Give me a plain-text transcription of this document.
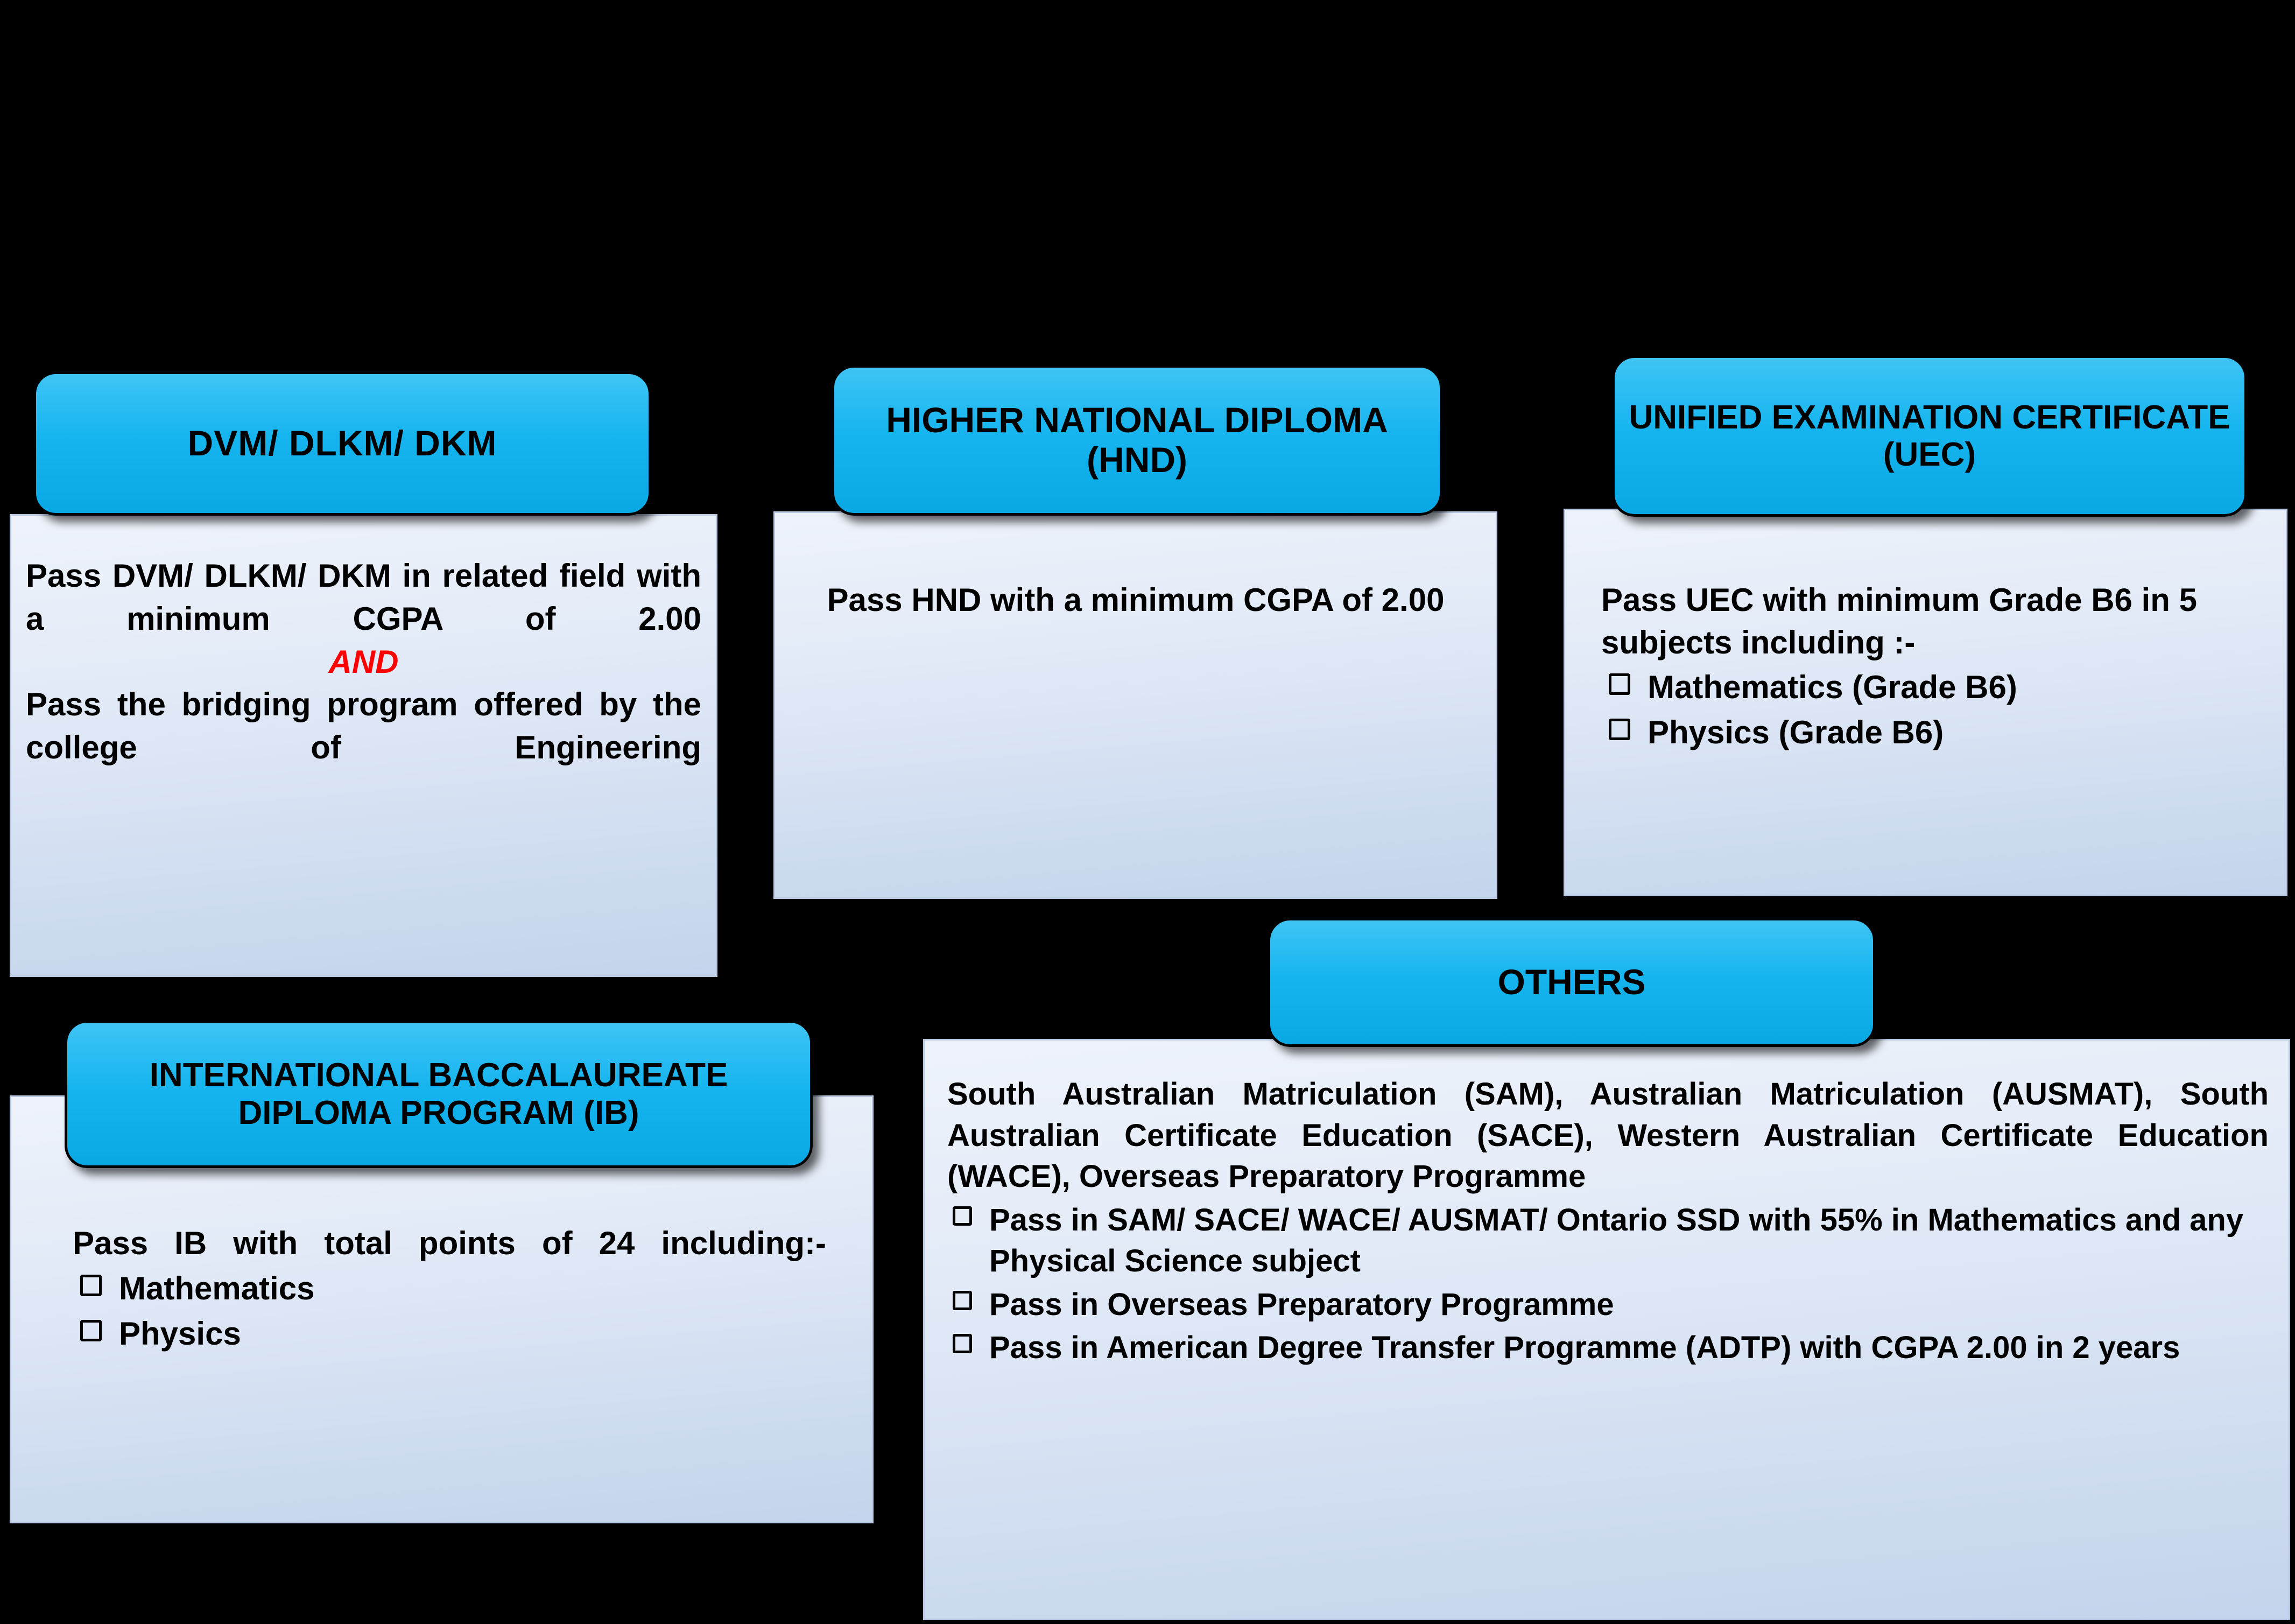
Pass DVM/ DLKM/ DKM in related field with a minimum CGPA of 2.00
AND
Pass the bridging program offered by the college of Engineering
DVM/ DLKM/ DKM
Pass HND with a minimum CGPA of 2.00
HIGHER NATIONAL DIPLOMA (HND)
Pass UEC with minimum Grade B6 in 5 subjects including :-
Mathematics (Grade B6)
Physics (Grade B6)
UNIFIED EXAMINATION CERTIFICATE (UEC)
Pass IB with total points of 24 including:-
Mathematics
Physics
INTERNATIONAL BACCALAUREATE DIPLOMA PROGRAM (IB)	South Australian Matriculation (SAM), Australian Matriculation (AUSMAT), South Australian Certificate Education (SACE), Western Australian Certificate Education (WACE), Overseas Preparatory Programme
Pass in SAM/ SACE/ WACE/ AUSMAT/ Ontario SSD with 55% in Mathematics and any Physical Science subject
Pass in Overseas Preparatory Programme
Pass in American Degree Transfer Programme (ADTP) with CGPA 2.00 in 2 years
OTHERS
